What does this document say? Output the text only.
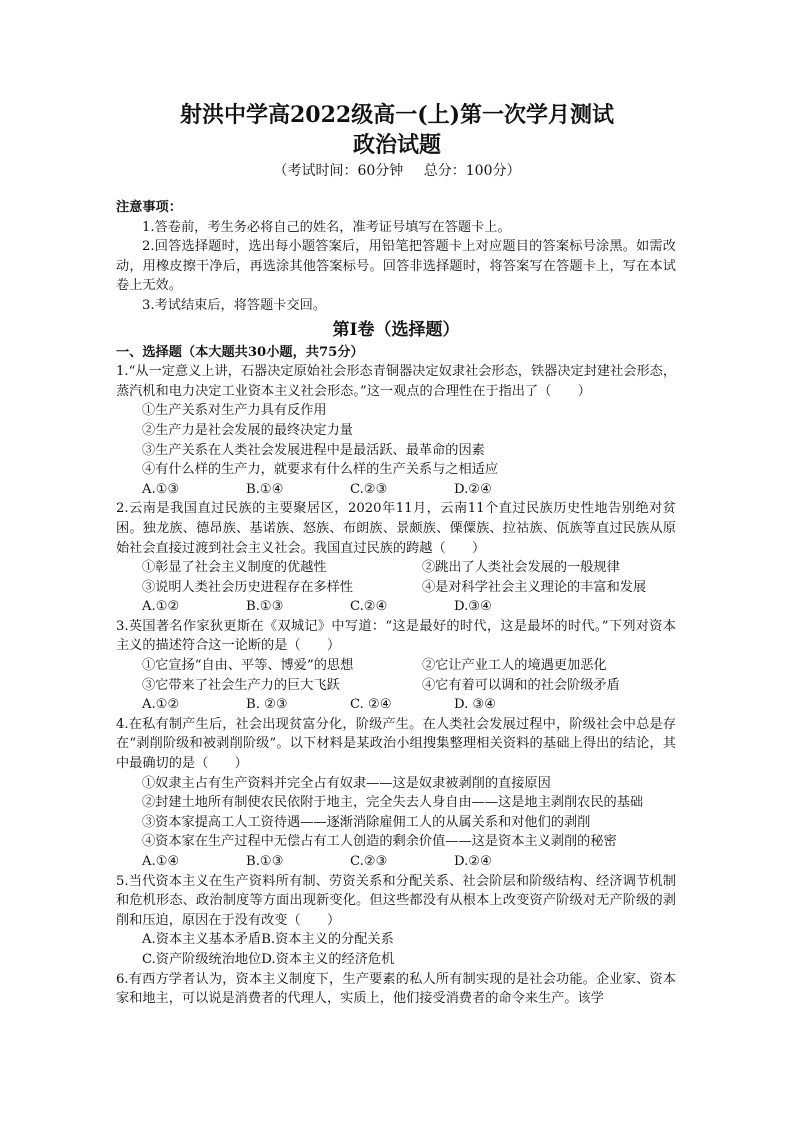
射洪中学高2022级高一(上)第一次学月测试
政治试题
（考试时间：60分钟 总分：100分）
注意事项：
1.答卷前，考生务必将自己的姓名，准考证号填写在答题卡上。
2.回答选择题时，选出每小题答案后，用铅笔把答题卡上对应题目的答案标号涂黑。如需改动，用橡皮擦干净后，再选涂其他答案标号。回答非选择题时，将答案写在答题卡上，写在本试卷上无效。
3.考试结束后，将答题卡交回。
第Ⅰ卷（选择题）
一、选择题（本大题共30小题，共75分）
1.“从一定意义上讲，石器决定原始社会形态青铜器决定奴隶社会形态，铁器决定封建社会形态，蒸汽机和电力决定工业资本主义社会形态。”这一观点的合理性在于指出了（　　）
①生产关系对生产力具有反作用
②生产力是社会发展的最终决定力量
③生产关系在人类社会发展进程中是最活跃、最革命的因素
④有什么样的生产力，就要求有什么样的生产关系与之相适应
A.①③	B.①④	C.②③	D.②④
2.云南是我国直过民族的主要聚居区，2020年11月，云南11个直过民族历史性地告别绝对贫困。独龙族、德昂族、基诺族、怒族、布朗族、景颇族、傈僳族、拉祜族、佤族等直过民族从原始社会直接过渡到社会主义社会。我国直过民族的跨越（　　）
①彰显了社会主义制度的优越性	②跳出了人类社会发展的一般规律
③说明人类社会历史进程存在多样性	④是对科学社会主义理论的丰富和发展
A.①②	B.①③	C.②④	D.③④
3.英国著名作家狄更斯在《双城记》中写道：“这是最好的时代，这是最坏的时代。”下列对资本主义的描述符合这一论断的是（　　）
①它宣扬“自由、平等、博爱”的思想	②它让产业工人的境遇更加恶化
③它带来了社会生产力的巨大飞跃	④它有着可以调和的社会阶级矛盾
A.①②	B. ②③	C. ②④	D. ③④
4.在私有制产生后，社会出现贫富分化，阶级产生。在人类社会发展过程中，阶级社会中总是存在“剥削阶级和被剥削阶级”。以下材料是某政治小组搜集整理相关资料的基础上得出的结论，其中最确切的是（　　）
①奴隶主占有生产资料并完全占有奴隶——这是奴隶被剥削的直接原因
②封建土地所有制使农民依附于地主，完全失去人身自由——这是地主剥削农民的基础
③资本家提高工人工资待遇——逐渐消除雇佣工人的从属关系和对他们的剥削
④资本家在生产过程中无偿占有工人创造的剩余价值——这是资本主义剥削的秘密
A.①④	B.①③	C.②③	D.②④
5.当代资本主义在生产资料所有制、劳资关系和分配关系、社会阶层和阶级结构、经济调节机制和危机形态、政治制度等方面出现新变化。但这些都没有从根本上改变资产阶级对无产阶级的剥削和压迫，原因在于没有改变（　　）
A.资本主义基本矛盾B.资本主义的分配关系
C.资产阶级统治地位D.资本主义的经济危机
6.有西方学者认为，资本主义制度下，生产要素的私人所有制实现的是社会功能。企业家、资本家和地主，可以说是消费者的代理人，实质上，他们接受消费者的命令来生产。该学
